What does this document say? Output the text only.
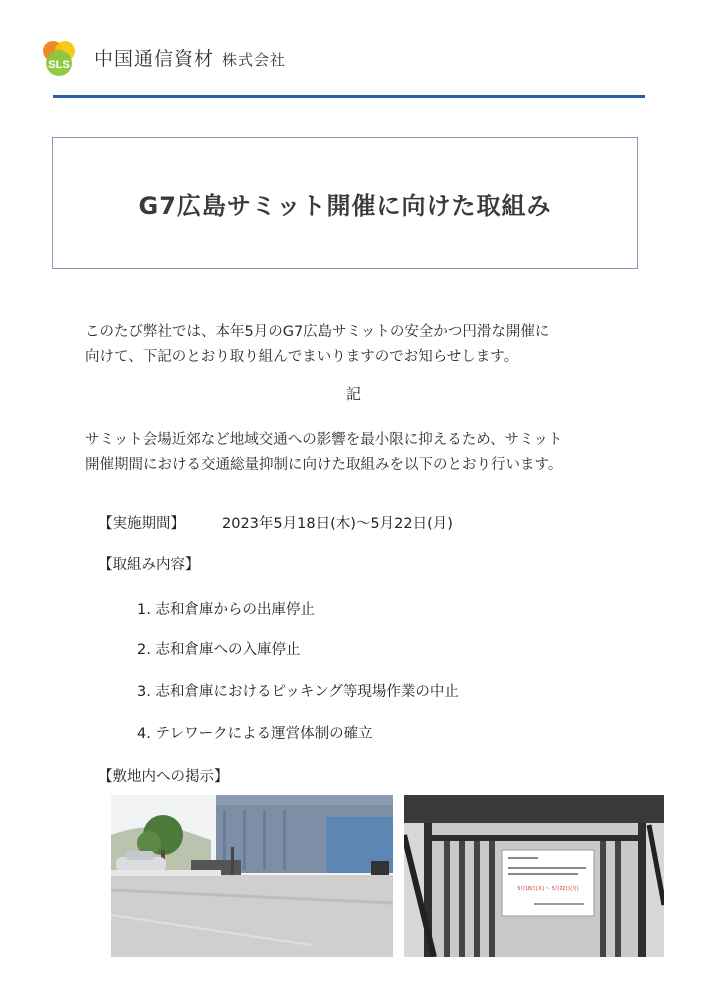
SLS 中国通信資材 株式会社
G7広島サミット開催に向けた取組み
このたび弊社では、本年5月のG7広島サミットの安全かつ円滑な開催に
向けて、下記のとおり取り組んでまいりますのでお知らせします。
記
サミット会場近郊など地域交通への影響を最小限に抑えるため、サミット
開催期間における交通総量抑制に向けた取組みを以下のとおり行います。
【実施期間】	2023年5月18日(木)～5月22日(月)
【取組み内容】
1. 志和倉庫からの出庫停止
2. 志和倉庫への入庫停止
3. 志和倉庫におけるピッキング等現場作業の中止
4. テレワークによる運営体制の確立
【敷地内への掲示】
5月18日(木) ～ 5月22日(月)
